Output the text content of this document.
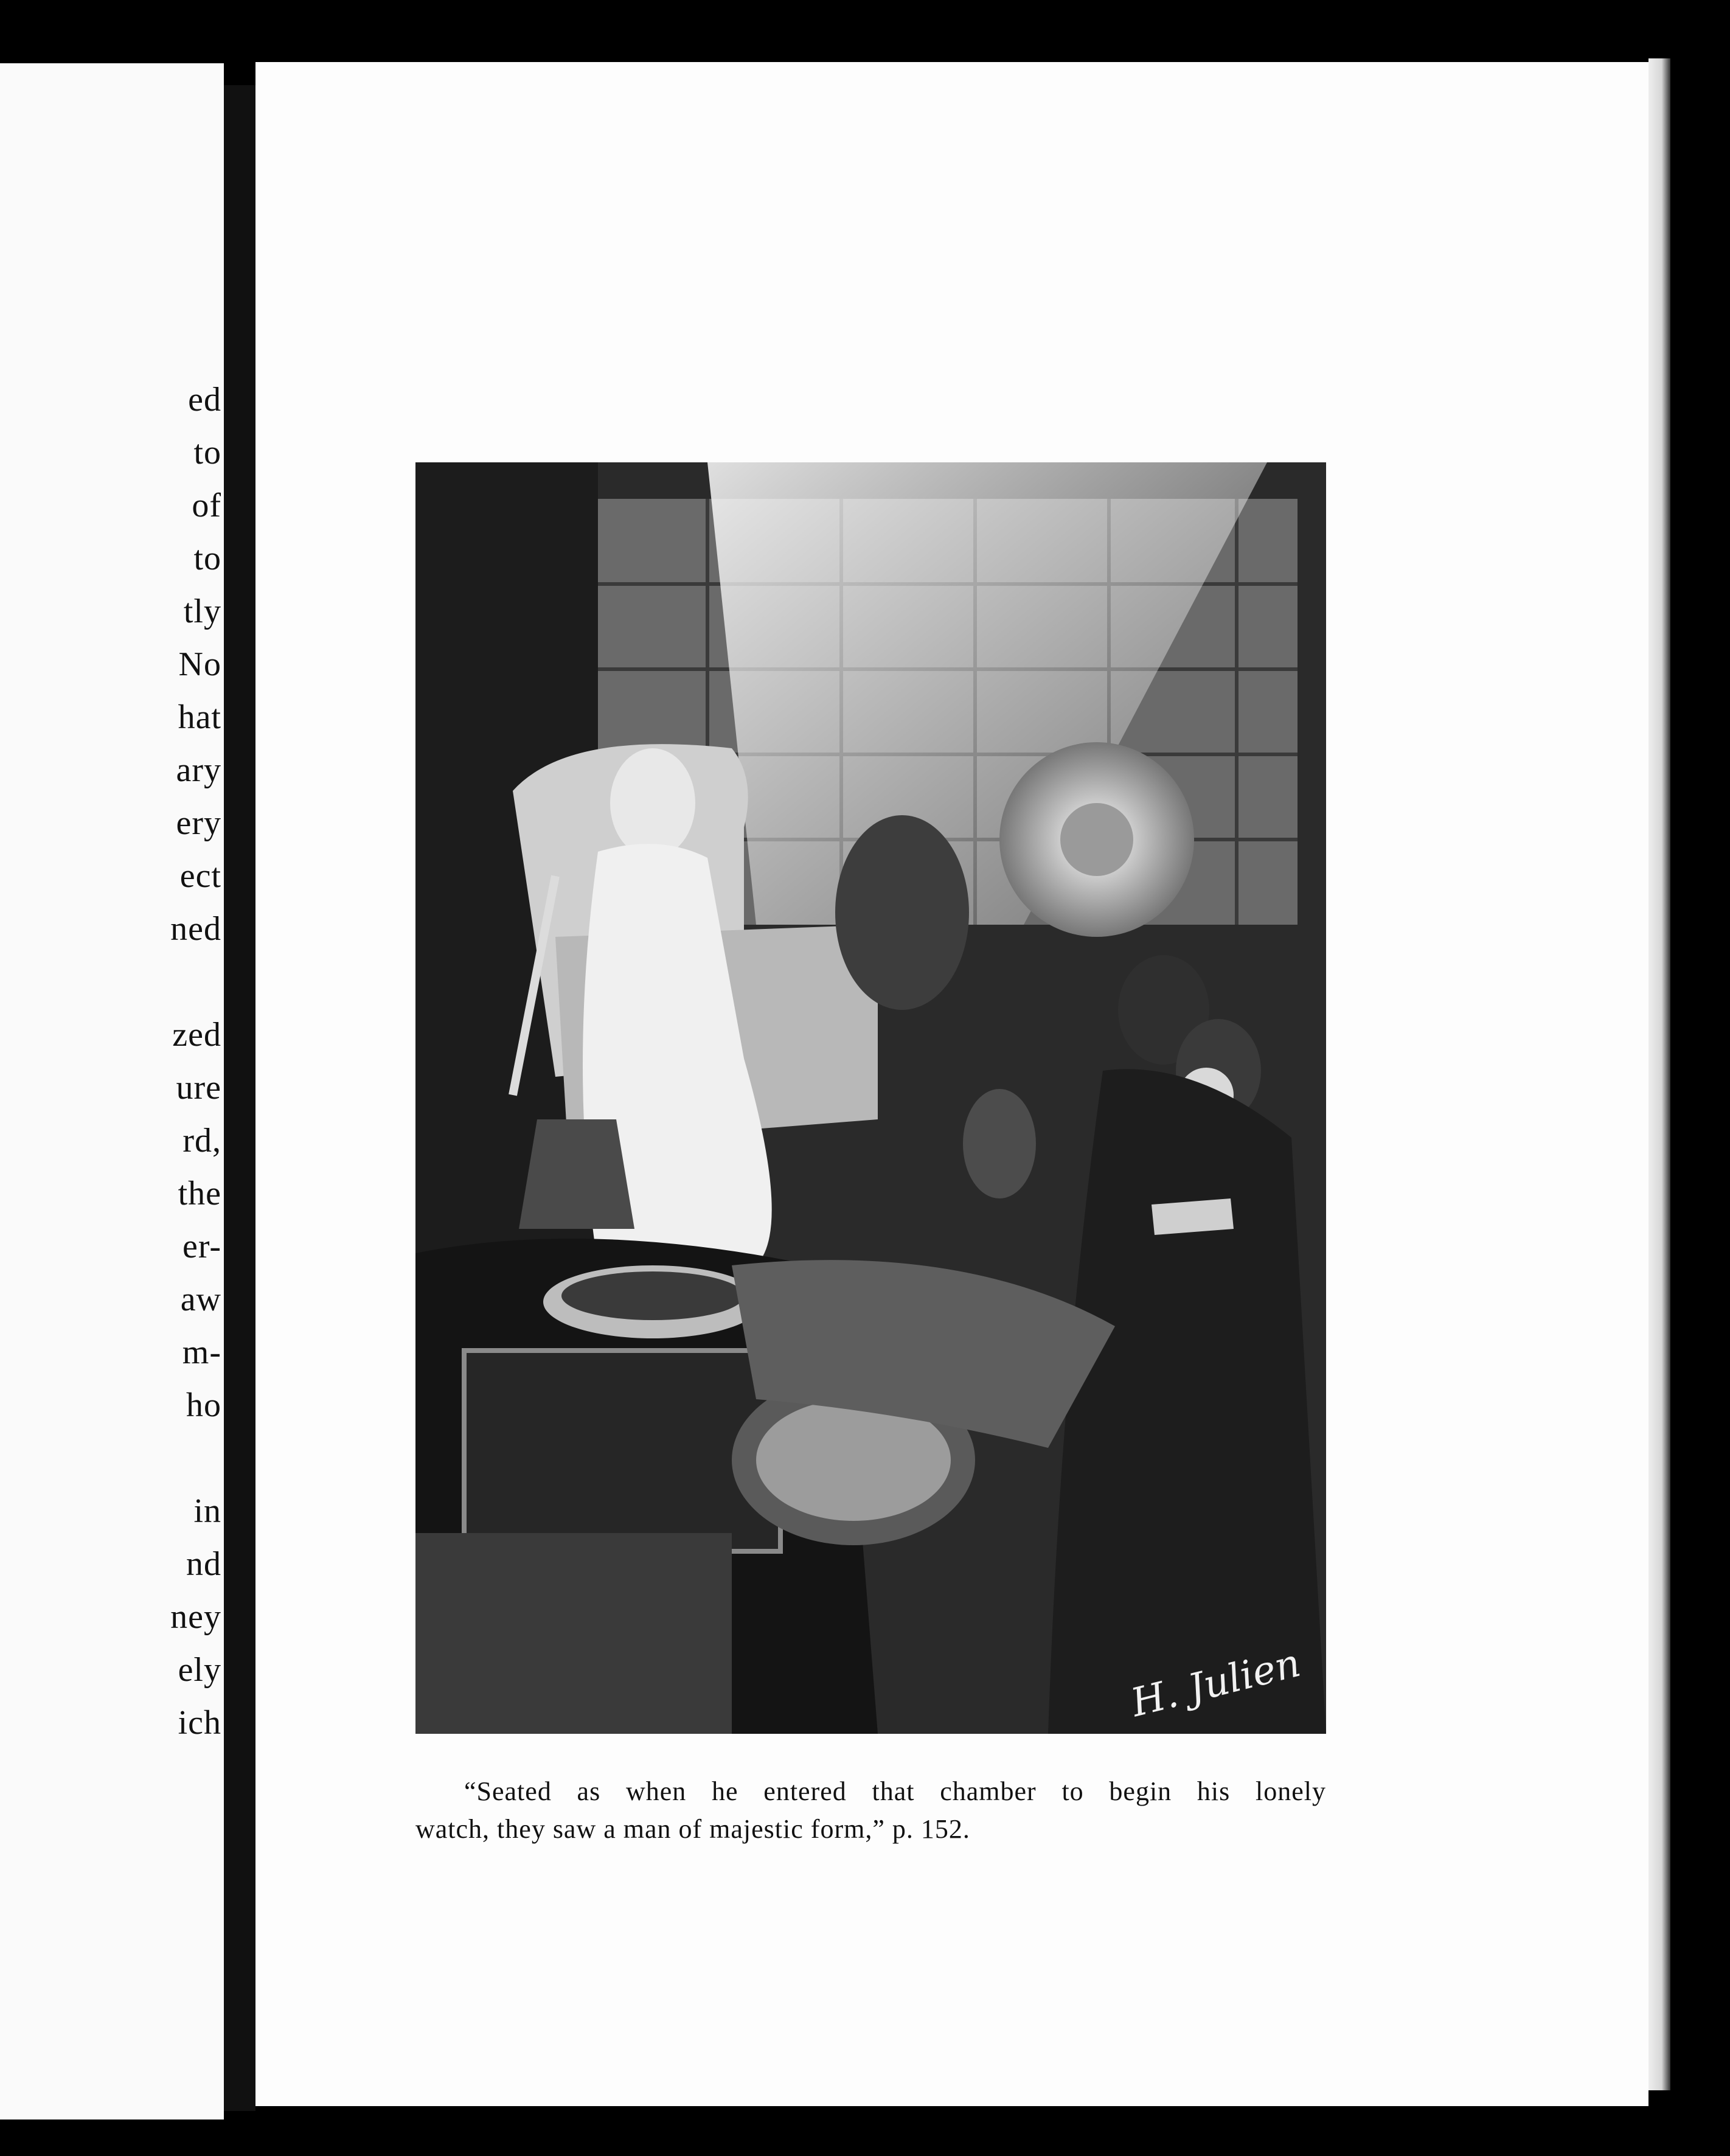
ed
to
of
to
tly
No
hat
ary
ery
ect
ned
zed
ure
rd,
the
er-
aw
m-
ho
in
nd
ney
ely
ich	H. Julien
“Seated as when he entered that chamber to begin his lonely
watch, they saw a man of majestic form,” p. 152.
